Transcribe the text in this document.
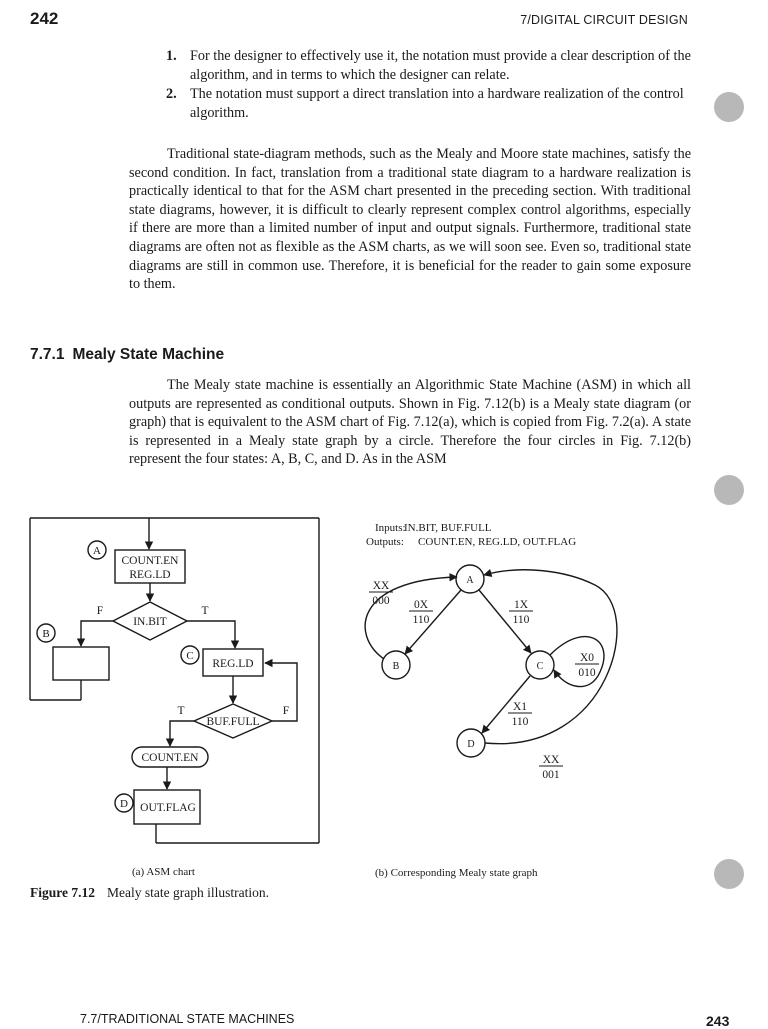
242	7/DIGITAL CIRCUIT DESIGN
1. For the designer to effectively use it, the notation must provide a clear description of the algorithm, and in terms to which the designer can relate.
2. The notation must support a direct translation into a hardware realization of the control algorithm.

Traditional state-diagram methods, such as the Mealy and Moore state machines, satisfy the second condition. In fact, translation from a traditional state diagram to a hardware realization is practically identical to that for the ASM chart presented in the preceding section. With traditional state diagrams, however, it is difficult to clearly represent complex control algorithms, especially if there are more than a limited number of input and output signals. Furthermore, traditional state diagrams are often not as flexible as the ASM charts, as we will soon see. Even so, traditional state diagrams are still in common use. Therefore, it is beneficial for the reader to gain some exposure to them.

7.7.1 Mealy State Machine

The Mealy state machine is essentially an Algorithmic State Machine (ASM) in which all outputs are represented as conditional outputs. Shown in Fig. 7.12(b) is a Mealy state diagram (or graph) that is equivalent to the ASM chart of Fig. 7.12(a), which is copied from Fig. 7.2(a). A state is represented in a Mealy state graph by a circle. Therefore the four circles in Fig. 7.12(b) represent the four states: A, B, C, and D. As in the ASM

A
B
C
D
COUNT.EN
REG.LD
IN.BIT
F	T
REG.LD
BUF.FULL
T	F
COUNT.EN
OUT.FLAG
Inputs:IN.BIT, BUF.FULL
Outputs: COUNT.EN, REG.LD, OUT.FLAG
A
B	C
D
XX
000 0X
110
1X
110
X0
010
X1
110
XX
001
(a) ASM chart	(b) Corresponding Mealy state graph
Figure 7.12 Mealy state graph illustration.
7.7/TRADITIONAL STATE MACHINES	243
